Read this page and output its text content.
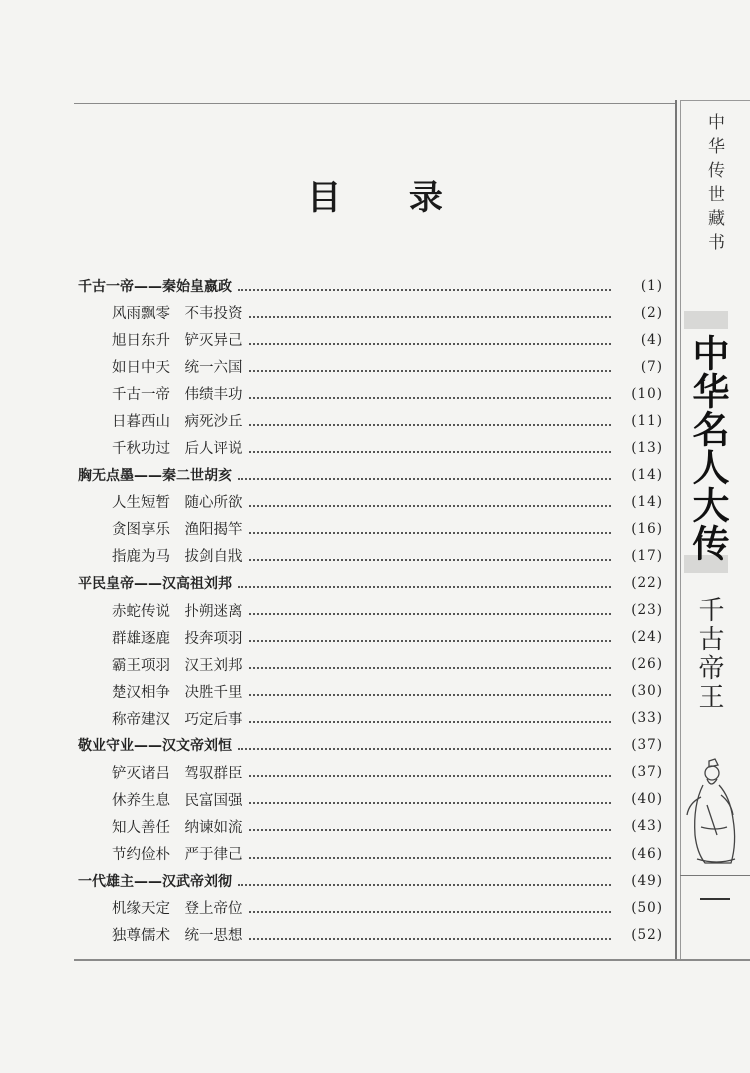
目 录
千古一帝——秦始皇嬴政	(1)
风雨飘零　不韦投资	(2)
旭日东升　铲灭异己	(4)
如日中天　统一六国	(7)
千古一帝　伟绩丰功	(10)
日暮西山　病死沙丘	(11)
千秋功过　后人评说	(13)
胸无点墨——秦二世胡亥	(14)
人生短暂　随心所欲	(14)
贪图享乐　渔阳揭竿	(16)
指鹿为马　拔剑自戕	(17)
平民皇帝——汉高祖刘邦	(22)
赤蛇传说　扑朔迷离	(23)
群雄逐鹿　投奔项羽	(24)
霸王项羽　汉王刘邦	(26)
楚汉相争　决胜千里	(30)
称帝建汉　巧定后事	(33)
敬业守业——汉文帝刘恒	(37)
铲灭诸吕　驾驭群臣	(37)
休养生息　民富国强	(40)
知人善任　纳谏如流	(43)
节约俭朴　严于律己	(46)
一代雄主——汉武帝刘彻	(49)
机缘天定　登上帝位	(50)
独尊儒术　统一思想	(52)
中华传世藏书
中华名人大传
千古帝王
